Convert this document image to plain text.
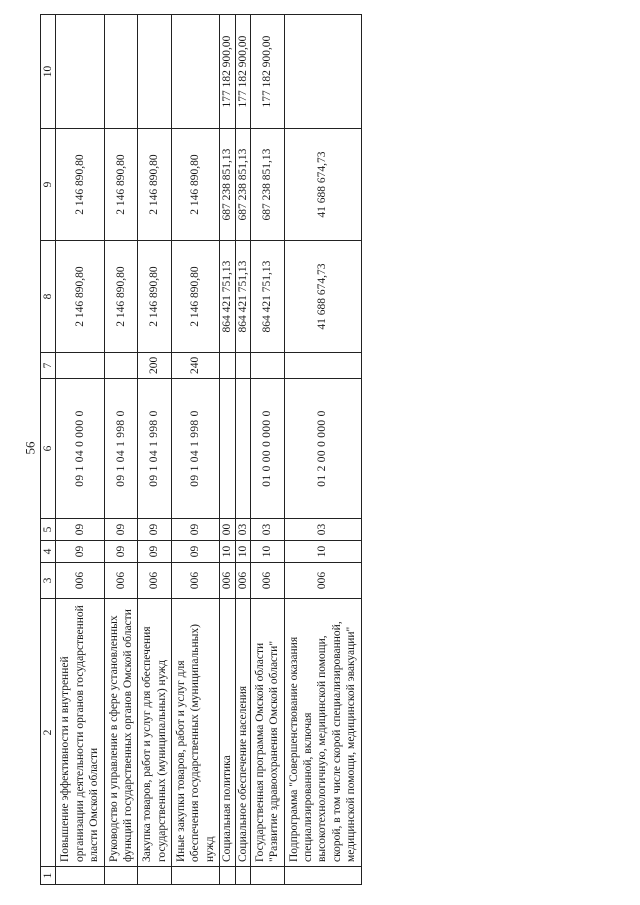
56
1	2	3	4	5	6	7	8	9	10
	Повышение эффективности и внутренней организации деятельности органов государственной власти Омской области	006	09	09	09 1 04 0 000 0		2 146 890,80	2 146 890,80	
	Руководство и управление в сфере установленных функций государственных органов Омской области	006	09	09	09 1 04 1 998 0		2 146 890,80	2 146 890,80	
	Закупка товаров, работ и услуг для обеспечения государственных (муниципальных) нужд	006	09	09	09 1 04 1 998 0	200	2 146 890,80	2 146 890,80	
	Иные закупки товаров, работ и услуг для обеспечения государственных (муниципальных) нужд	006	09	09	09 1 04 1 998 0	240	2 146 890,80	2 146 890,80	
	Социальная политика	006	10	00			864 421 751,13	687 238 851,13	177 182 900,00
	Социальное обеспечение населения	006	10	03			864 421 751,13	687 238 851,13	177 182 900,00
	Государственная программа Омской области "Развитие здравоохранения Омской области"	006	10	03	01 0 00 0 000 0		864 421 751,13	687 238 851,13	177 182 900,00
	Подпрограмма "Совершенствование оказания специализированной, включая высокотехнологичную, медицинской помощи, скорой, в том числе скорой специализированной, медицинской помощи, медицинской эвакуации"	006	10	03	01 2 00 0 000 0		41 688 674,73	41 688 674,73	
